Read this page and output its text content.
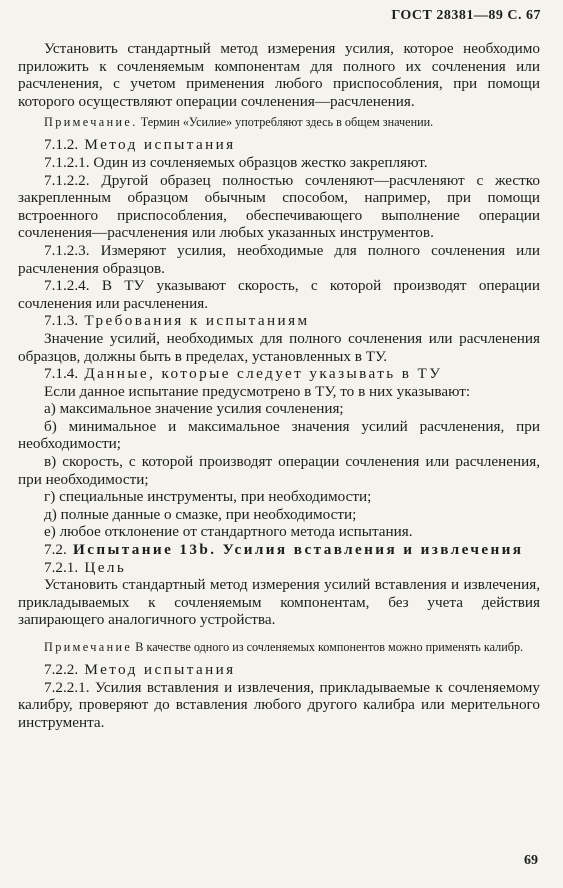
ГОСТ 28381—89 С. 67

Установить стандартный метод измерения усилия, которое необходимо приложить к сочленяемым компонентам для полного их сочленения или расчленения, с учетом применения любого приспособления, при помощи которого осуществляют операции сочленения—расчленения.

Примечание. Термин «Усилие» употребляют здесь в общем значении.

7.1.2. Метод испытания

7.1.2.1. Один из сочленяемых образцов жестко закрепляют.

7.1.2.2. Другой образец полностью сочленяют—расчленяют с жестко закрепленным образцом обычным способом, например, при помощи встроенного приспособления, обеспечивающего выполнение операции сочленения—расчленения или любых указанных инструментов.

7.1.2.3. Измеряют усилия, необходимые для полного сочленения или расчленения образцов.

7.1.2.4. В ТУ указывают скорость, с которой производят операции сочленения или расчленения.

7.1.3. Требования к испытаниям

Значение усилий, необходимых для полного сочленения или расчленения образцов, должны быть в пределах, установленных в ТУ.

7.1.4. Данные, которые следует указывать в ТУ

Если данное испытание предусмотрено в ТУ, то в них указывают:

а) максимальное значение усилия сочленения;

б) минимальное и максимальное значения усилий расчленения, при необходимости;

в) скорость, с которой производят операции сочленения или расчленения, при необходимости;

г) специальные инструменты, при необходимости;

д) полные данные о смазке, при необходимости;

е) любое отклонение от стандартного метода испытания.

7.2. Испытание 13b. Усилия вставления и извлечения

7.2.1. Цель

Установить стандартный метод измерения усилий вставления и извлечения, прикладываемых к сочленяемым компонентам, без учета действия запирающего аналогичного устройства.

Примечание В качестве одного из сочленяемых компонентов можно применять калибр.

7.2.2. Метод испытания

7.2.2.1. Усилия вставления и извлечения, прикладываемые к сочленяемому калибру, проверяют до вставления любого другого калибра или мерительного инструмента.

69
